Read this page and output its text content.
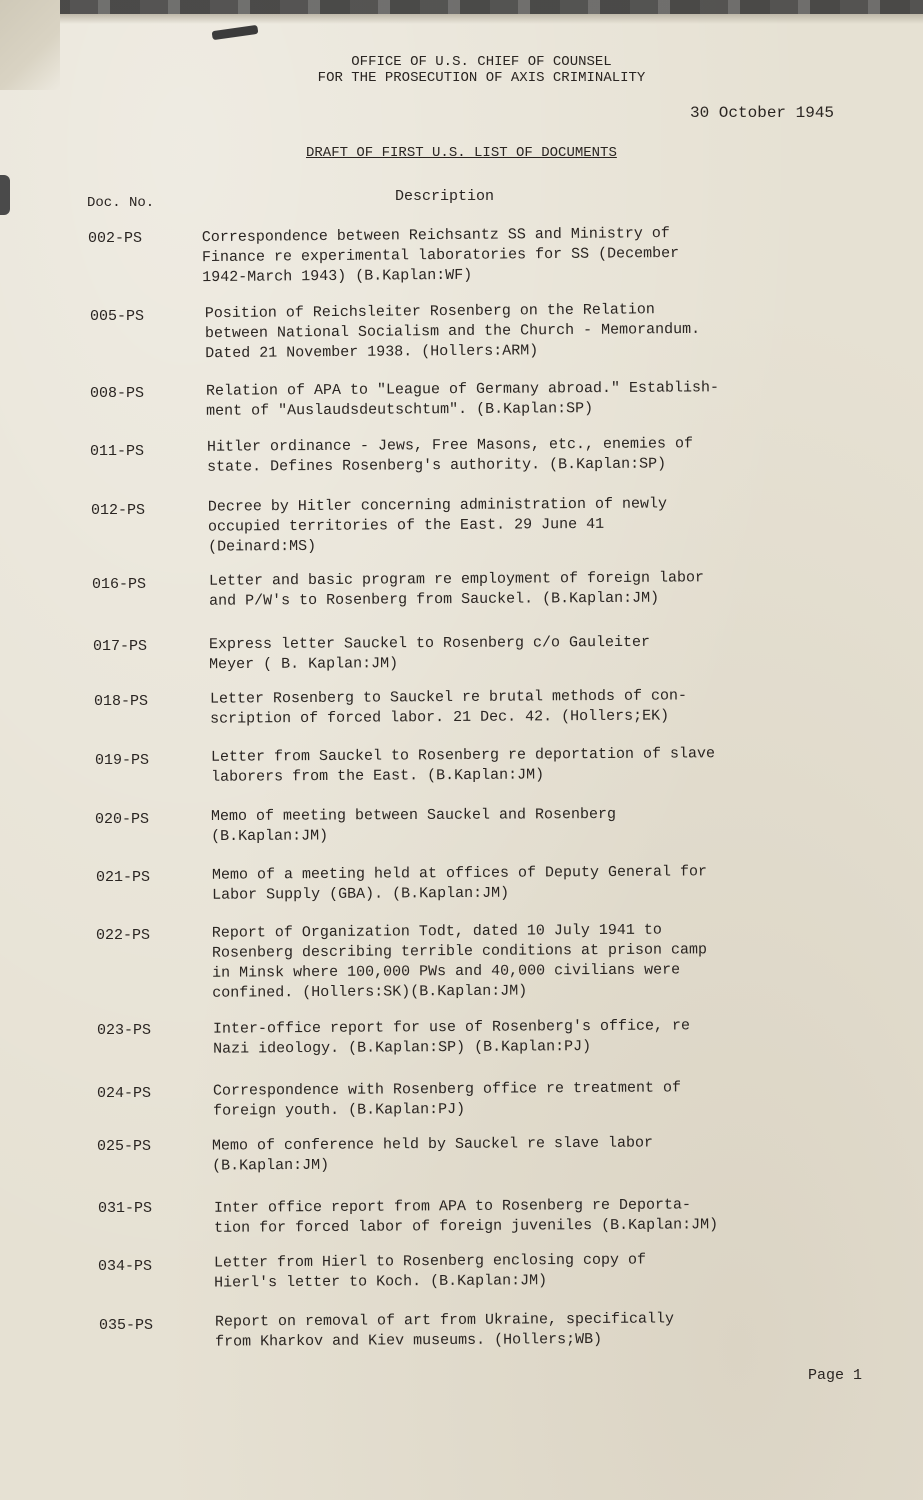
OFFICE OF U.S. CHIEF OF COUNSEL
FOR THE PROSECUTION OF AXIS CRIMINALITY
30 October 1945
DRAFT OF FIRST U.S. LIST OF DOCUMENTS
Doc. No.	Description
002-PS	Correspondence between Reichsantz SS and Ministry of
Finance re experimental laboratories for SS (December
1942-March 1943) (B.Kaplan:WF)
005-PS	Position of Reichsleiter Rosenberg on the Relation
between National Socialism and the Church - Memorandum.
Dated 21 November 1938. (Hollers:ARM)
008-PS	Relation of APA to "League of Germany abroad." Establish-
ment of "Auslaudsdeutschtum". (B.Kaplan:SP)
011-PS	Hitler ordinance - Jews, Free Masons, etc., enemies of
state. Defines Rosenberg's authority. (B.Kaplan:SP)
012-PS	Decree by Hitler concerning administration of newly
occupied territories of the East. 29 June 41
(Deinard:MS)
016-PS	Letter and basic program re employment of foreign labor
and P/W's to Rosenberg from Sauckel. (B.Kaplan:JM)
017-PS	Express letter Sauckel to Rosenberg c/o Gauleiter
Meyer ( B. Kaplan:JM)
018-PS	Letter Rosenberg to Sauckel re brutal methods of con-
scription of forced labor. 21 Dec. 42. (Hollers;EK)
019-PS	Letter from Sauckel to Rosenberg re deportation of slave
laborers from the East. (B.Kaplan:JM)
020-PS	Memo of meeting between Sauckel and Rosenberg
(B.Kaplan:JM)
021-PS	Memo of a meeting held at offices of Deputy General for
Labor Supply (GBA). (B.Kaplan:JM)
022-PS	Report of Organization Todt, dated 10 July 1941 to
Rosenberg describing terrible conditions at prison camp
in Minsk where 100,000 PWs and 40,000 civilians were
confined. (Hollers:SK)(B.Kaplan:JM)
023-PS	Inter-office report for use of Rosenberg's office, re
Nazi ideology. (B.Kaplan:SP) (B.Kaplan:PJ)
024-PS	Correspondence with Rosenberg office re treatment of
foreign youth. (B.Kaplan:PJ)
025-PS	Memo of conference held by Sauckel re slave labor
(B.Kaplan:JM)
031-PS	Inter office report from APA to Rosenberg re Deporta-
tion for forced labor of foreign juveniles (B.Kaplan:JM)
034-PS	Letter from Hierl to Rosenberg enclosing copy of
Hierl's letter to Koch. (B.Kaplan:JM)
035-PS	Report on removal of art from Ukraine, specifically
from Kharkov and Kiev museums. (Hollers;WB)
Page 1
